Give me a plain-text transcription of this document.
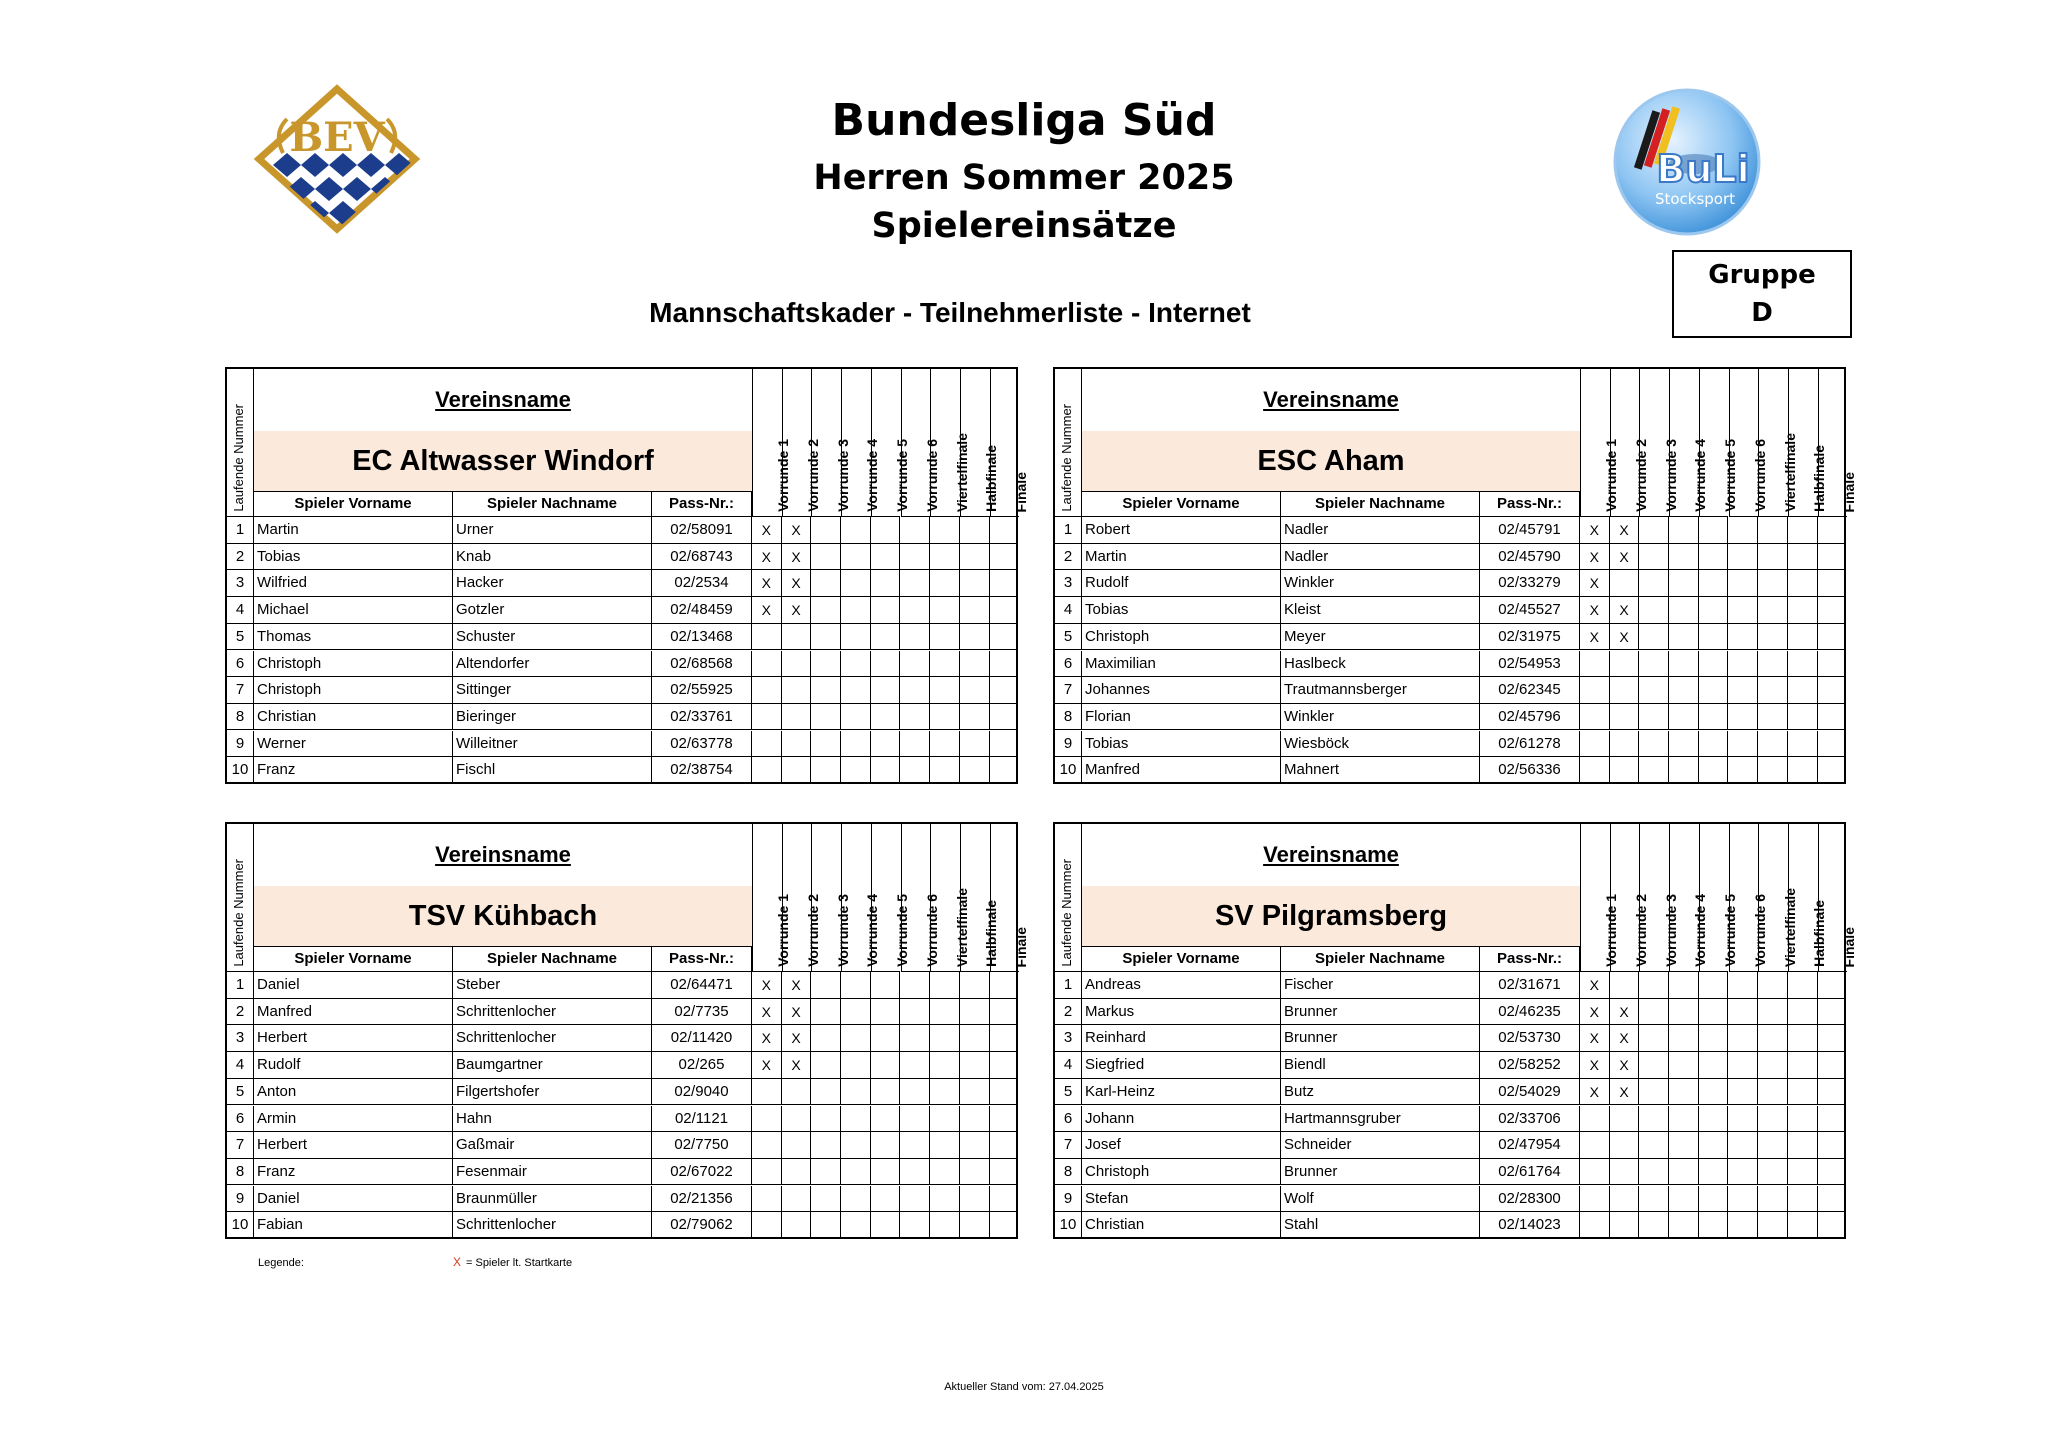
Bundesliga Süd
Herren Sommer 2025
Spielereinsätze
Mannschaftskader - Teilnehmerliste - Internet
Gruppe
D
BEV
BuLi
Stocksport
Laufende Nummer
Vereinsname
EC Altwasser Windorf
Spieler Vorname	Spieler Nachname	Pass-Nr.:	Vorrunde 1 Vorrunde 2 Vorrunde 3 Vorrunde 4 Vorrunde 5 Vorrunde 6 Viertelfinale Halbfinale Finale
1 Martin	Urner	02/58091	X	X
2 Tobias	Knab	02/68743	X	X
3 Wilfried	Hacker	02/2534	X	X
4 Michael	Gotzler	02/48459	X	X
5 Thomas	Schuster	02/13468
6 Christoph	Altendorfer	02/68568
7 Christoph	Sittinger	02/55925
8 Christian	Bieringer	02/33761
9 Werner	Willeitner	02/63778
10 Franz	Fischl	02/38754
Laufende Nummer
Vereinsname
ESC Aham
Spieler Vorname	Spieler Nachname	Pass-Nr.:	Vorrunde 1 Vorrunde 2 Vorrunde 3 Vorrunde 4 Vorrunde 5 Vorrunde 6 Viertelfinale Halbfinale Finale
1 Robert	Nadler	02/45791	X	X
2 Martin	Nadler	02/45790	X	X
3 Rudolf	Winkler	02/33279	X
4 Tobias	Kleist	02/45527	X	X
5 Christoph	Meyer	02/31975	X	X
6 Maximilian	Haslbeck	02/54953
7 Johannes	Trautmannsberger	02/62345
8 Florian	Winkler	02/45796
9 Tobias	Wiesböck	02/61278
10 Manfred	Mahnert	02/56336
Laufende Nummer
Vereinsname
TSV Kühbach
Spieler Vorname	Spieler Nachname	Pass-Nr.:	Vorrunde 1 Vorrunde 2 Vorrunde 3 Vorrunde 4 Vorrunde 5 Vorrunde 6 Viertelfinale Halbfinale Finale
1 Daniel	Steber	02/64471	X	X
2 Manfred	Schrittenlocher	02/7735	X	X
3 Herbert	Schrittenlocher	02/11420	X	X
4 Rudolf	Baumgartner	02/265	X	X
5 Anton	Filgertshofer	02/9040
6 Armin	Hahn	02/1121
7 Herbert	Gaßmair	02/7750
8 Franz	Fesenmair	02/67022
9 Daniel	Braunmüller	02/21356
10 Fabian	Schrittenlocher	02/79062
Laufende Nummer
Vereinsname
SV Pilgramsberg
Spieler Vorname	Spieler Nachname	Pass-Nr.:	Vorrunde 1 Vorrunde 2 Vorrunde 3 Vorrunde 4 Vorrunde 5 Vorrunde 6 Viertelfinale Halbfinale Finale
1 Andreas	Fischer	02/31671	X
2 Markus	Brunner	02/46235	X	X
3 Reinhard	Brunner	02/53730	X	X
4 Siegfried	Biendl	02/58252	X	X
5 Karl-Heinz	Butz	02/54029	X	X
6 Johann	Hartmannsgruber	02/33706
7 Josef	Schneider	02/47954
8 Christoph	Brunner	02/61764
9 Stefan	Wolf	02/28300
10 Christian	Stahl	02/14023
Legende:	X = Spieler lt. Startkarte
Aktueller Stand vom: 27.04.2025
